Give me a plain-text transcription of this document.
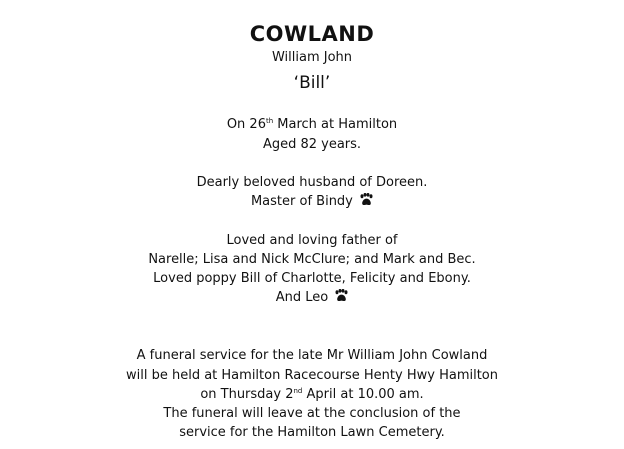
COWLAND
William John
‘Bill’
On 26th March at Hamilton
Aged 82 years.
Dearly beloved husband of Doreen.
Master of Bindy
Loved and loving father of
Narelle; Lisa and Nick McClure; and Mark and Bec.
Loved poppy Bill of Charlotte, Felicity and Ebony.
And Leo
A funeral service for the late Mr William John Cowland
will be held at Hamilton Racecourse Henty Hwy Hamilton
on Thursday 2nd April at 10.00 am.
The funeral will leave at the conclusion of the
service for the Hamilton Lawn Cemetery.
